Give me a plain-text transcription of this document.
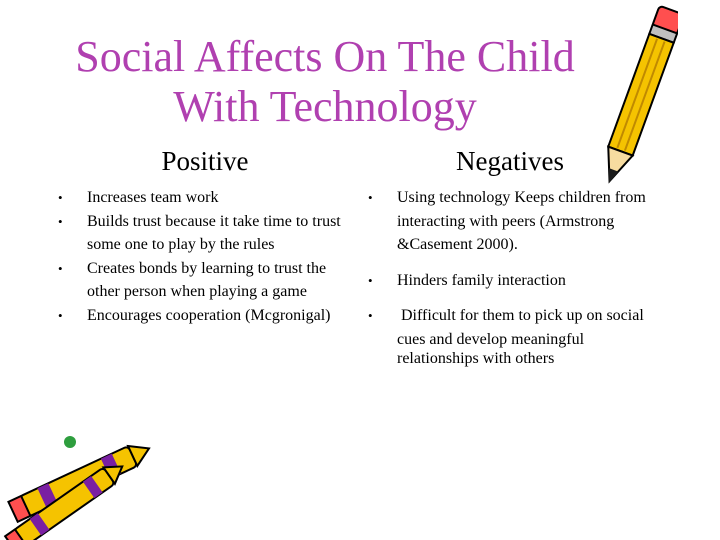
Social Affects On The Child
With Technology
Positive	Negatives
• Increases team work
• Builds trust because it take time to trust some one to play by the rules
• Creates bonds by learning to trust the other person when playing a game
• Encourages cooperation (Mcgronigal)
• Using technology Keeps children from interacting with peers (Armstrong &Casement 2000).
• Hinders family interaction
• Difficult for them to pick up on social cues and develop meaningful
relationships with others
